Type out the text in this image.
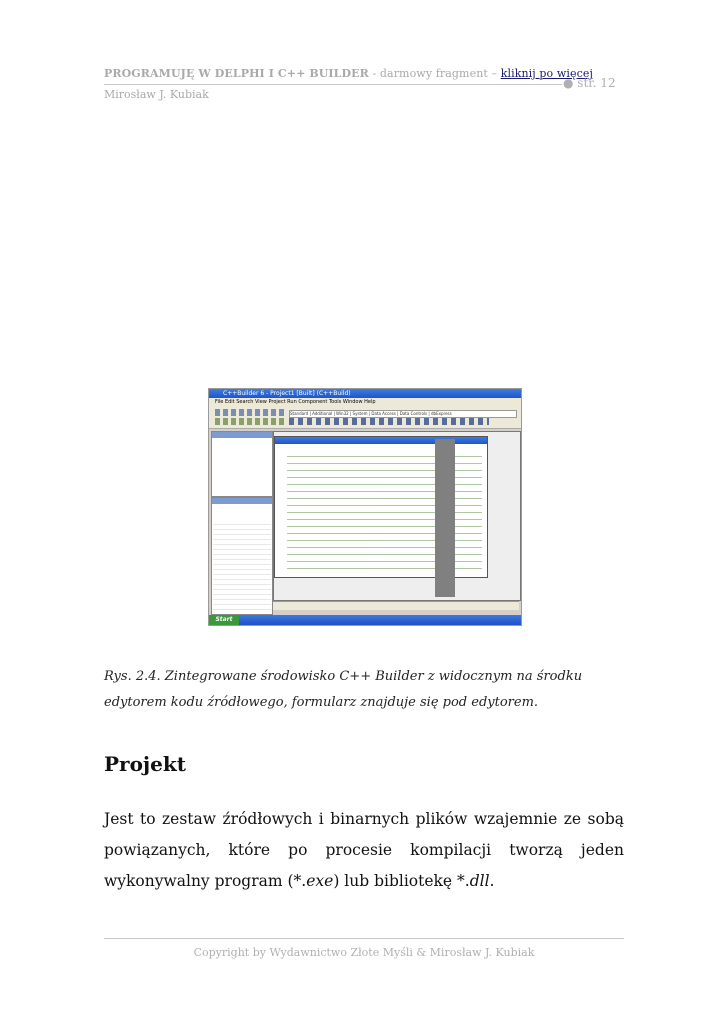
PROGRAMUJĘ W DELPHI I C++ BUILDER - darmowy fragment – kliknij po więcej
● str. 12
Mirosław J. Kubiak
C++Builder 6 - Project1 [Built] (C++Build)
File Edit Search View Project Run Component Tools Window Help
Standard | Additional | Win32 | System | Data Access | Data Controls | dbExpress
Start
Rys. 2.4. Zintegrowane środowisko C++ Builder z widocznym na środku
edytorem kodu źródłowego, formularz znajduje się pod edytorem.
Projekt
Jest to zestaw źródłowych i binarnych plików wzajemnie ze sobą powiązanych, które po procesie kompilacji tworzą jeden wykonywalny program (*.exe) lub bibliotekę *.dll.
Copyright by Wydawnictwo Złote Myśli & Mirosław J. Kubiak
